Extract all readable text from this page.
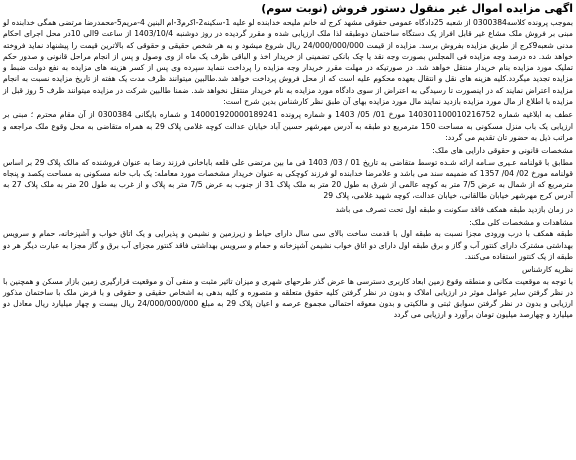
اگهی مزایده اموال غیر منقول دستور فروش (نوبت سوم)

بموجب پرونده کلاسه0300384 از شعبه 25دادگاه عمومی حقوقی مشهد کرج له خانم ملیحه خدابنده لو علیه 1-سکینه2-اکرم3-ام البنین 4-مریم5-محمدرضا مرتضی همگی خدابنده لو مبنی بر فروش ملک مشاع غیر قابل افراز یک دستگاه ساختمان دوطبقه لذا ملک ارزیابی شده و مقرر گردیده در روز دوشنبه 1403/10/4 از ساعت 9الی 10در محل اجرای احکام مدنی شعبه9کرج از طریق مزایده بفروش برسد. مزایده از قیمت 24/000/000/000 ریال شروع میشود و به هر شخص حقیقی و حقوقی که بالاترین قیمت را پیشنهاد نماید فروخته خواهد شد. ده درصد وجه مزایده فی المجلس بصورت وجه نقد یا چک بانکی تضمینی از خریدار اخذ و الباقی ظرف یک ماه از وی وصول و پس از انجام مراحل قانونی و صدور حکم تملیک مورد مزایده بنام خریدار منتقل خواهد شد. در صورتیکه در مهلت مقرر خریدار وجه مزایده را پرداخت ننماید سپرده وی پس از کسر هزینه های مزایده به نفع دولت ضبط و مزایده تجدید میگردد.کلیه هزینه های نقل و انتقال بعهده محکوم علیه است که از محل فروش پرداخت خواهد شد.طالبین میتوانند ظرف مدت یک هفته از تاریخ مزایده نسبت به انجام مزایده اعتراض نمایند که در اینصورت تا رسیدگی به اعتراض از سوی دادگاه مورد مزایده به نام خریدار منتقل نخواهد شد. ضمنا طالبین شرکت در مزایده میتوانند ظرف 5 روز قبل از مزایده با اطلاع از مال مورد مزایده بازدید نمایند مال مورد مزایده بهای آن طبق نظر کارشناس بدین شرح است:

عطف به ابلاغیه شماره 140301100010216752 مورخ 01/ 05/ 1403 و شماره پرونده 140001920000189241 و شماره بایگانی 0300384 از آن مقام محترم ؛ مبنی بر ارزیابی یک باب منزل مسکونی به مساحت 150 مترمربع دو طبقه به آدرس مهرشهر حسین آباد خیابان عدالت کوچه غلامی پلاک 29 به همراه متقاضی به محل وقوع ملک مراجعه و مراتب ذیل به حضور تان تقدیم می گردد:

مشخصات قانونی و حقوقی دارایی های ملک:

مطابق با قولنامه عـیری سـامه ارائه شـده توسط متقاضی به تاریخ 01 / 03/ 1403 فی ما بین مرتضی علی قلعه باباخانی فرزند رضا به عنوان فروشنده که مالک پلاک 29 بر اساس قولنامه مورخ 02/ 04/ 1357 که ضمیمه سند می باشد و علامرضا خدابنده لو فرزند کوچکی به عنوان خریدار مشخصات مورد معامله: یک باب خانه مسکونی به مساحت یکصد و پنجاه مترمربع که از شمال به عرض 7/5 متر به کوچه عالمی از شرق به طول 20 متر به ملک پلاک 31 از جنوب به عرض 7/5 متر به پلاک و از غرب به طول 20 متر به ملک پلاک 27 به آدرس کرج مهرشهر خیابان طالقانی، خیابان عدالت، کوچه شهید غلامی، پلاک 29

در زمان بازدید طبقه همکف فاقد سکونت و طبقه اول تحت تصرف می باشد

مشاهدات و مشخصات کلی ملک:

طبقه همکف با درب ورودی مجزا نسبت به طبقه اول با قدمت ساخت بالای سی سال دارای حیاط و زیرزمین و نشیمن و پذیرایی و یک اتاق خواب و آشپزخانه، حمام و سرویس بهداشتی مشترک دارای کنتور آب و گاز و برق طبقه اول دارای دو اتاق خواب نشیمن آشپزخانه و حمام و سرویس بهداشتی فاقد کنتور مجزای آب برق و گاز مجزا به عبارت دیگر هر دو طبقه از یک کنتور استفاده می‌کنند.

نظریه کارشناس

با توجه به موقعیت مکانی و منطقه وقوع زمین ابعاد کاربری دسترسی ها عرض گذر طرحهای شهری و میزان تاثیر مثبت و منفی آن و موقعیت قرارگیری زمین بازار مسکن و همچنین با در نظر گرفتن سایر عوامل موثر در ارزیابی املاک و بدون در نظر گرفتن کلیه حقوق متعلقه و متصوره و کلیه بدهی به اشخاص حقیقی و حقوقی و با فرض ملک با ساختمان مذکور ارزیابی و بدون در نظر گرفتن سوابق ثبتی و مالکیتی و بدون معوقه احتمالی مجموع عرصه و اعیان پلاک 29 به مبلغ 24/000/000/000 ریال بیست و چهار میلیارد ریال معادل دو میلیارد و چهارصد میلیون تومان برآورد و ارزیابی می گردد
